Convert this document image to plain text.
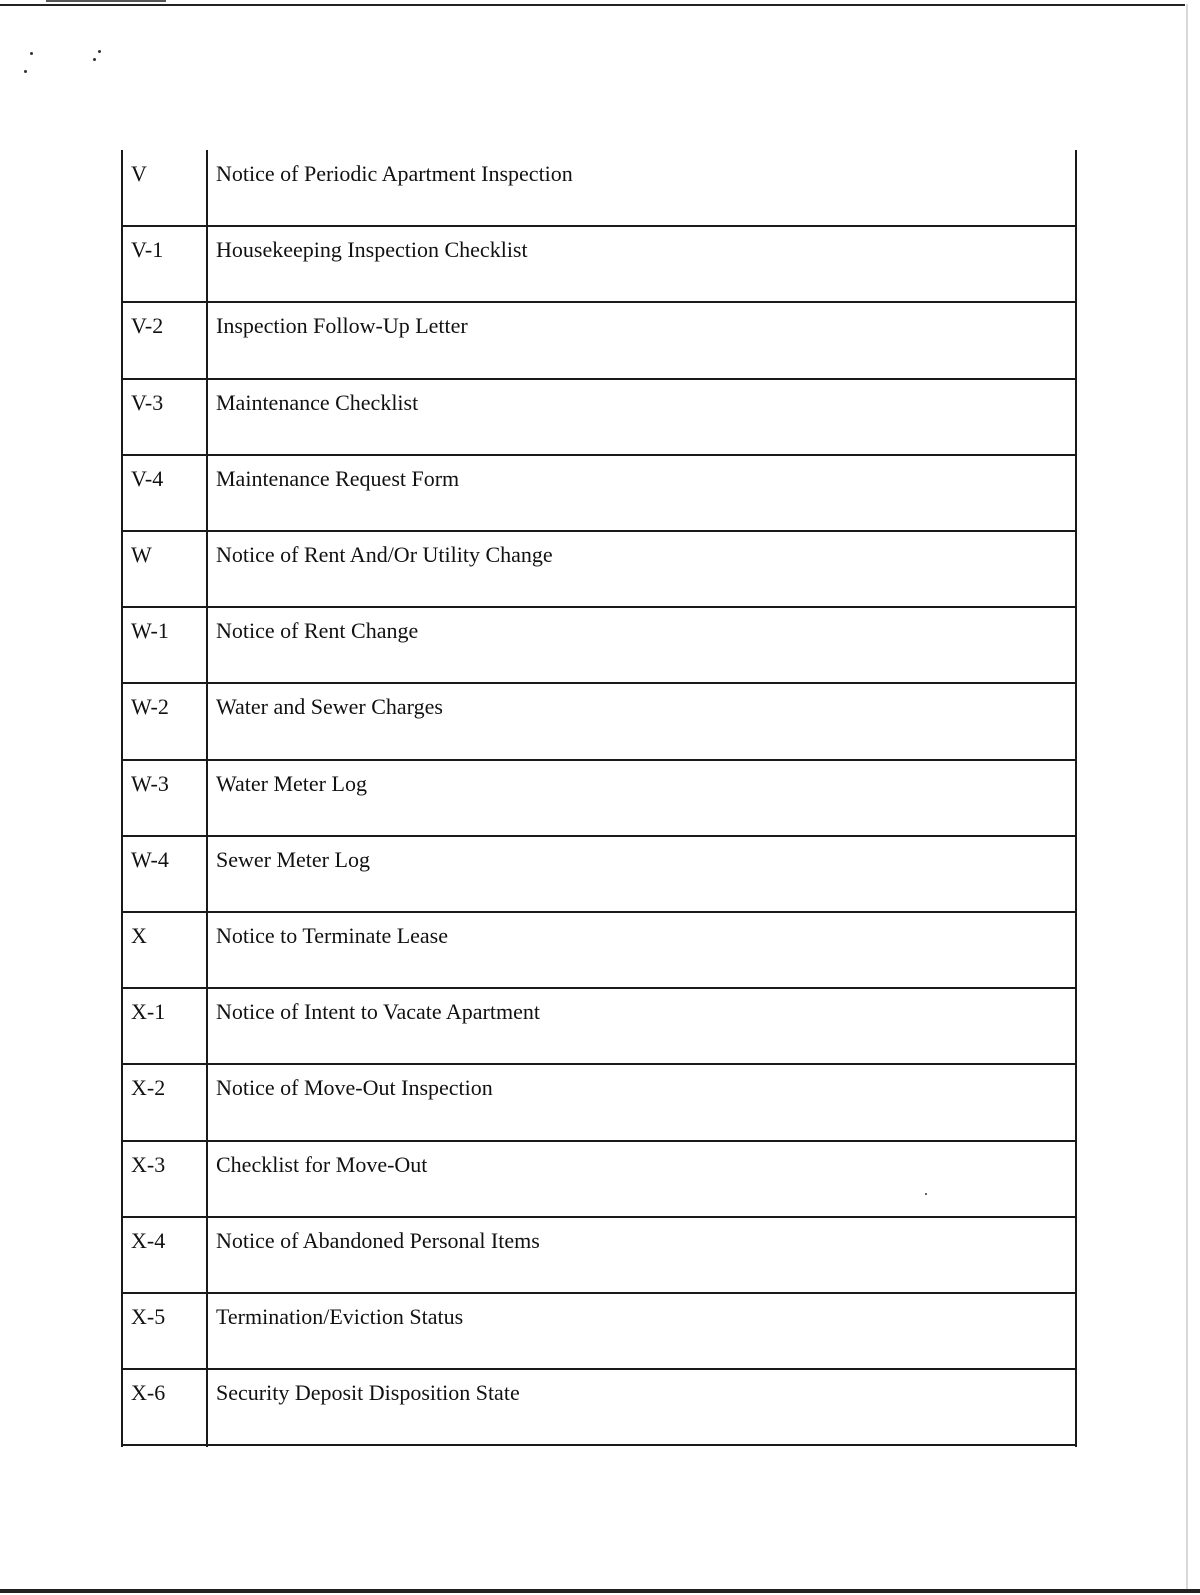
V	Notice of Periodic Apartment Inspection
V-1 Housekeeping Inspection Checklist
V-2 Inspection Follow-Up Letter
V-3 Maintenance Checklist
V-4 Maintenance Request Form
W	Notice of Rent And/Or Utility Change
W-1 Notice of Rent Change
W-2 Water and Sewer Charges
W-3 Water Meter Log
W-4 Sewer Meter Log
X	Notice to Terminate Lease
X-1 Notice of Intent to Vacate Apartment
X-2 Notice of Move-Out Inspection
X-3 Checklist for Move-Out
X-4 Notice of Abandoned Personal Items
X-5 Termination/Eviction Status
X-6 Security Deposit Disposition State
